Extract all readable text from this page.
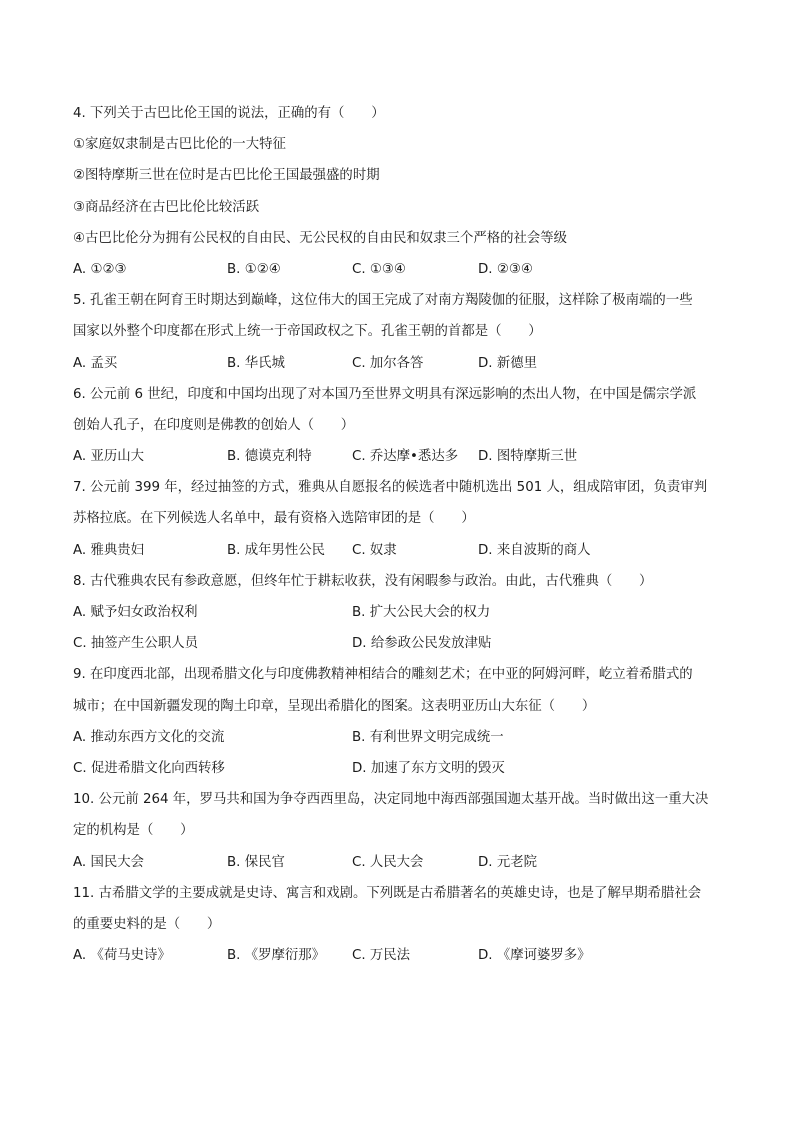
4. 下列关于古巴比伦王国的说法，正确的有（　　）
①家庭奴隶制是古巴比伦的一大特征
②图特摩斯三世在位时是古巴比伦王国最强盛的时期
③商品经济在古巴比伦比较活跃
④古巴比伦分为拥有公民权的自由民、无公民权的自由民和奴隶三个严格的社会等级
A. ①②③	B. ①②④	C. ①③④	D. ②③④
5. 孔雀王朝在阿育王时期达到巅峰，这位伟大的国王完成了对南方羯陵伽的征服，这样除了极南端的一些
国家以外整个印度都在形式上统一于帝国政权之下。孔雀王朝的首都是（　　）
A. 孟买	B. 华氏城	C. 加尔各答	D. 新德里
6. 公元前 6 世纪，印度和中国均出现了对本国乃至世界文明具有深远影响的杰出人物，在中国是儒宗学派
创始人孔子，在印度则是佛教的创始人（　　）
A. 亚历山大	B. 德谟克利特	C. 乔达摩•悉达多 D. 图特摩斯三世
7. 公元前 399 年，经过抽签的方式，雅典从自愿报名的候选者中随机选出 501 人，组成陪审团，负责审判
苏格拉底。在下列候选人名单中，最有资格入选陪审团的是（　　）
A. 雅典贵妇	B. 成年男性公民 C. 奴隶	D. 来自波斯的商人
8. 古代雅典农民有参政意愿，但终年忙于耕耘收获，没有闲暇参与政治。由此，古代雅典（　　）
A. 赋予妇女政治权利	B. 扩大公民大会的权力
C. 抽签产生公职人员	D. 给参政公民发放津贴
9. 在印度西北部，出现希腊文化与印度佛教精神相结合的雕刻艺术；在中亚的阿姆河畔，屹立着希腊式的
城市；在中国新疆发现的陶土印章，呈现出希腊化的图案。这表明亚历山大东征（　　）
A. 推动东西方文化的交流	B. 有利世界文明完成统一
C. 促进希腊文化向西转移	D. 加速了东方文明的毁灭
10. 公元前 264 年，罗马共和国为争夺西西里岛，决定同地中海西部强国迦太基开战。当时做出这一重大决
定的机构是（　　）
A. 国民大会	B. 保民官	C. 人民大会	D. 元老院
11. 古希腊文学的主要成就是史诗、寓言和戏剧。下列既是古希腊著名的英雄史诗，也是了解早期希腊社会
的重要史料的是（　　）
A. 《荷马史诗》	B. 《罗摩衍那》 C. 万民法	D. 《摩诃婆罗多》
